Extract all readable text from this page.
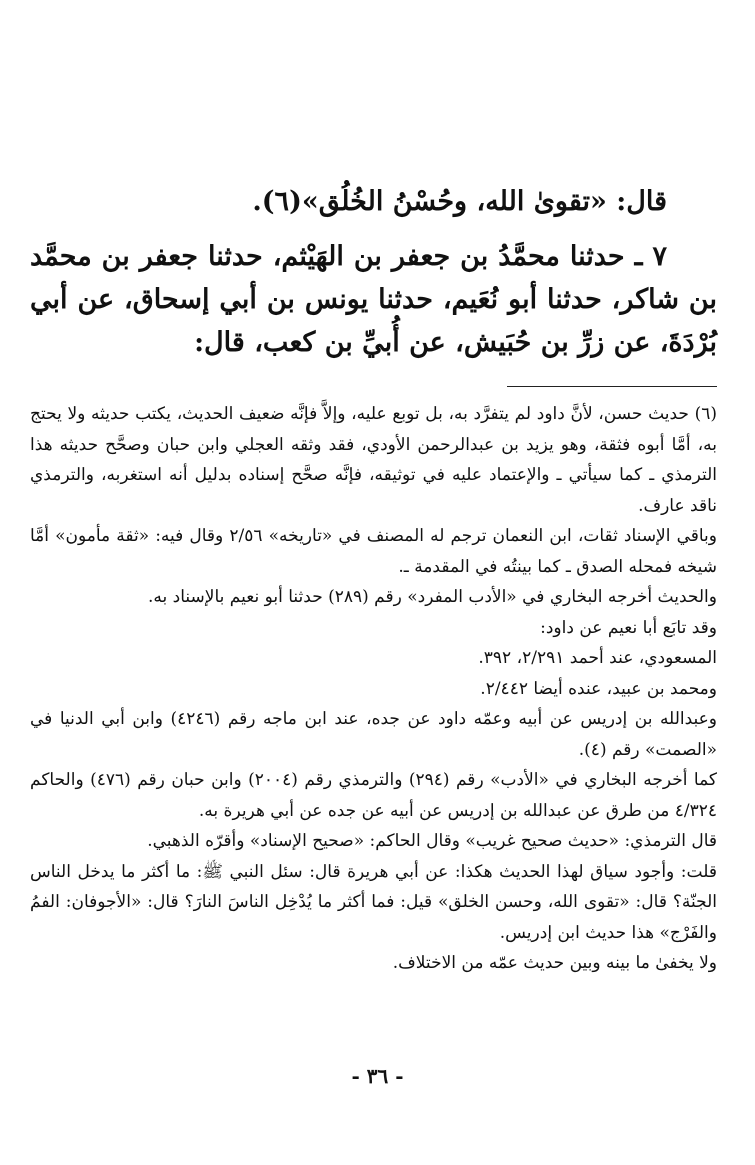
قال: «تقوىٰ الله، وحُسْنُ الخُلُق»(٦).

٧ ـ حدثنا محمَّدُ بن جعفر بن الهَيْثم، حدثنا جعفر بن محمَّد بن شاكر، حدثنا أبو نُعَيم، حدثنا يونس بن أبي إسحاق، عن أبي بُرْدَةَ، عن زرِّ بن حُبَيش، عن أُبيِّ بن كعب، قال:

(٦) حديث حسن، لأنَّ داود لم يتفرَّد به، بل توبع عليه، وإلاَّ فإنَّه ضعيف الحديث، يكتب حديثه ولا يحتج به، أمَّا أبوه فثقة، وهو يزيد بن عبدالرحمن الأودي، فقد وثقه العجلي وابن حبان وصحَّح حديثه هذا الترمذي ـ كما سيأتي ـ والإعتماد عليه في توثيقه، فإنَّه صحَّح إسناده بدليل أنه استغربه، والترمذي ناقد عارف.

وباقي الإسناد ثقات، ابن النعمان ترجم له المصنف في «تاريخه» ٢/٥٦ وقال فيه: «ثقة مأمون» أمَّا شيخه فمحله الصدق ـ كما بينتُه في المقدمة ـ.

والحديث أخرجه البخاري في «الأدب المفرد» رقم (٢٨٩) حدثنا أبو نعيم بالإسناد به.

وقد تابَع أبا نعيم عن داود:

المسعودي، عند أحمد ٢/٢٩١، ٣٩٢.

ومحمد بن عبيد، عنده أيضا ٢/٤٤٢.

وعبدالله بن إدريس عن أبيه وعمّه داود عن جده، عند ابن ماجه رقم (٤٢٤٦) وابن أبي الدنيا في «الصمت» رقم (٤).

كما أخرجه البخاري في «الأدب» رقم (٢٩٤) والترمذي رقم (٢٠٠٤) وابن حبان رقم (٤٧٦) والحاكم ٤/٣٢٤ من طرق عن عبدالله بن إدريس عن أبيه عن جده عن أبي هريرة به.

قال الترمذي: «حديث صحيح غريب» وقال الحاكم: «صحيح الإسناد» وأقرّه الذهبي.

قلت: وأجود سياق لهذا الحديث هكذا: عن أبي هريرة قال: سئل النبي ﷺ: ما أكثر ما يدخل الناس الجنّة؟ قال: «تقوى الله، وحسن الخلق» قيل: فما أكثر ما يُدْخِل الناسَ النارَ؟ قال: «الأجوفان: الفمُ والفَرْج» هذا حديث ابن إدريس.

ولا يخفىٰ ما بينه وبين حديث عمّه من الاختلاف.

- ٣٦ -
